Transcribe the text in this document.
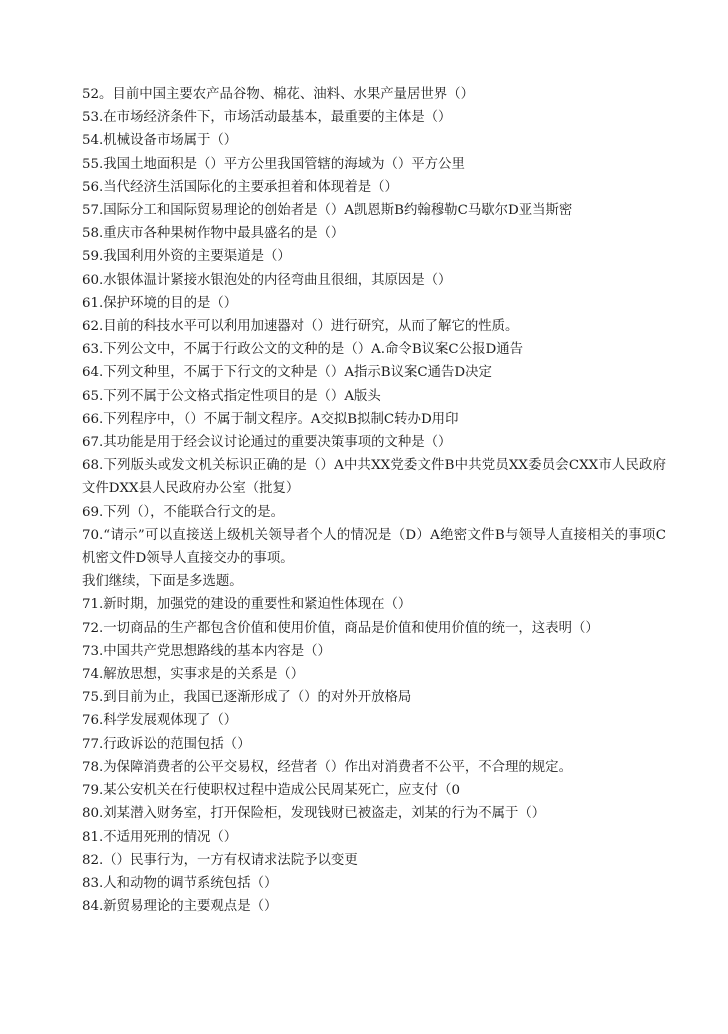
52。目前中国主要农产品谷物、棉花、油料、水果产量居世界（）
53.在市场经济条件下，市场活动最基本，最重要的主体是（）
54.机械设备市场属于（）
55.我国土地面积是（）平方公里我国管辖的海域为（）平方公里
56.当代经济生活国际化的主要承担着和体现着是（）
57.国际分工和国际贸易理论的创始者是（）A凯恩斯B约翰穆勒C马歇尔D亚当斯密
58.重庆市各种果树作物中最具盛名的是（）
59.我国利用外资的主要渠道是（）
60.水银体温计紧接水银泡处的内径弯曲且很细，其原因是（）
61.保护环境的目的是（）
62.目前的科技水平可以利用加速器对（）进行研究，从而了解它的性质。
63.下列公文中，不属于行政公文的文种的是（）A.命令B议案C公报D通告
64.下列文种里，不属于下行文的文种是（）A指示B议案C通告D决定
65.下列不属于公文格式指定性项目的是（）A版头
66.下列程序中，（）不属于制文程序。A交拟B拟制C转办D用印
67.其功能是用于经会议讨论通过的重要决策事项的文种是（）
68.下列版头或发文机关标识正确的是（）A中共XX党委文件B中共党员XX委员会CXX市人民政府文件DXX县人民政府办公室（批复）
69.下列（），不能联合行文的是。
70.“请示”可以直接送上级机关领导者个人的情况是（D）A绝密文件B与领导人直接相关的事项C机密文件D领导人直接交办的事项。
我们继续，下面是多选题。
71.新时期，加强党的建设的重要性和紧迫性体现在（）
72.一切商品的生产都包含价值和使用价值，商品是价值和使用价值的统一，这表明（）
73.中国共产党思想路线的基本内容是（）
74.解放思想，实事求是的关系是（）
75.到目前为止，我国已逐渐形成了（）的对外开放格局
76.科学发展观体现了（）
77.行政诉讼的范围包括（）
78.为保障消费者的公平交易权，经营者（）作出对消费者不公平，不合理的规定。
79.某公安机关在行使职权过程中造成公民周某死亡，应支付（0
80.刘某潜入财务室，打开保险柜，发现钱财已被盗走，刘某的行为不属于（）
81.不适用死刑的情况（）
82.（）民事行为，一方有权请求法院予以变更
83.人和动物的调节系统包括（）
84.新贸易理论的主要观点是（）
